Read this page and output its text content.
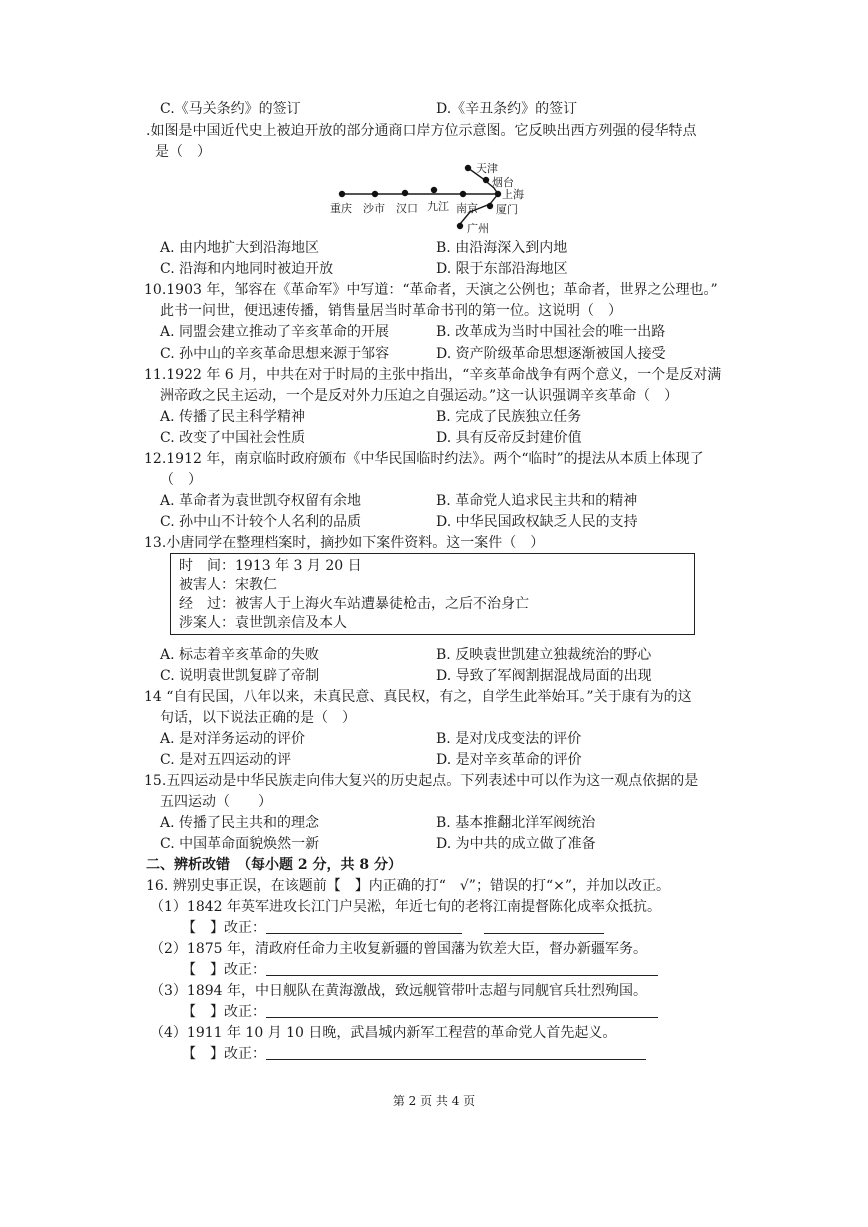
C.《马关条约》的签订	D.《辛丑条约》的签订
.如图是中国近代史上被迫开放的部分通商口岸方位示意图。它反映出西方列强的侵华特点
是（　）
重庆 沙市 汉口 九江 南京
天津
烟台
上海
厦门
广州
A. 由内地扩大到沿海地区	B. 由沿海深入到内地
C. 沿海和内地同时被迫开放	D. 限于东部沿海地区
10.1903 年，邹容在《革命军》中写道：“革命者，天演之公例也；革命者，世界之公理也。”
此书一问世，便迅速传播，销售量居当时革命书刊的第一位。这说明（　）
A. 同盟会建立推动了辛亥革命的开展	B. 改革成为当时中国社会的唯一出路
C. 孙中山的辛亥革命思想来源于邹容	D. 资产阶级革命思想逐渐被国人接受
11.1922 年 6 月，中共在对于时局的主张中指出，“辛亥革命战争有两个意义，一个是反对满
洲帝政之民主运动，一个是反对外力压迫之自强运动。”这一认识强调辛亥革命（　）
A. 传播了民主科学精神	B. 完成了民族独立任务
C. 改变了中国社会性质	D. 具有反帝反封建价值
12.1912 年，南京临时政府颁布《中华民国临时约法》。两个“临时”的提法从本质上体现了
（　）
A. 革命者为袁世凯夺权留有余地	B. 革命党人追求民主共和的精神
C. 孙中山不计较个人名利的品质	D. 中华民国政权缺乏人民的支持
13.小唐同学在整理档案时，摘抄如下案件资料。这一案件（　）
时　间：1913 年 3 月 20 日
被害人：宋教仁
经　过：被害人于上海火车站遭暴徒枪击，之后不治身亡
涉案人：袁世凯亲信及本人
A. 标志着辛亥革命的失败	B. 反映袁世凯建立独裁统治的野心
C. 说明袁世凯复辟了帝制	D. 导致了军阀割据混战局面的出现
14 “自有民国，八年以来，未真民意、真民权，有之，自学生此举始耳。”关于康有为的这
句话，以下说法正确的是（　）
A. 是对洋务运动的评价	B. 是对戊戌变法的评价
C. 是对五四运动的评	D. 是对辛亥革命的评价
15.五四运动是中华民族走向伟大复兴的历史起点。下列表述中可以作为这一观点依据的是
五四运动（　　）
A. 传播了民主共和的理念	B. 基本推翻北洋军阀统治
C. 中国革命面貌焕然一新	D. 为中共的成立做了准备
二、辨析改错　（每小题 2 分，共 8 分）
16. 辨别史事正误，在该题前【　】内正确的打“　√”；错误的打“×”，并加以改正。
（1）1842 年英军进攻长江门户吴淞，年近七旬的老将江南提督陈化成率众抵抗。
【　】改正：
（2）1875 年，清政府任命力主收复新疆的曾国藩为钦差大臣，督办新疆军务。
【　】改正：
（3）1894 年，中日舰队在黄海激战，致远舰管带叶志超与同舰官兵壮烈殉国。
【　】改正：
（4）1911 年 10 月 10 日晚，武昌城内新军工程营的革命党人首先起义。
【　】改正：
第 2 页 共 4 页
